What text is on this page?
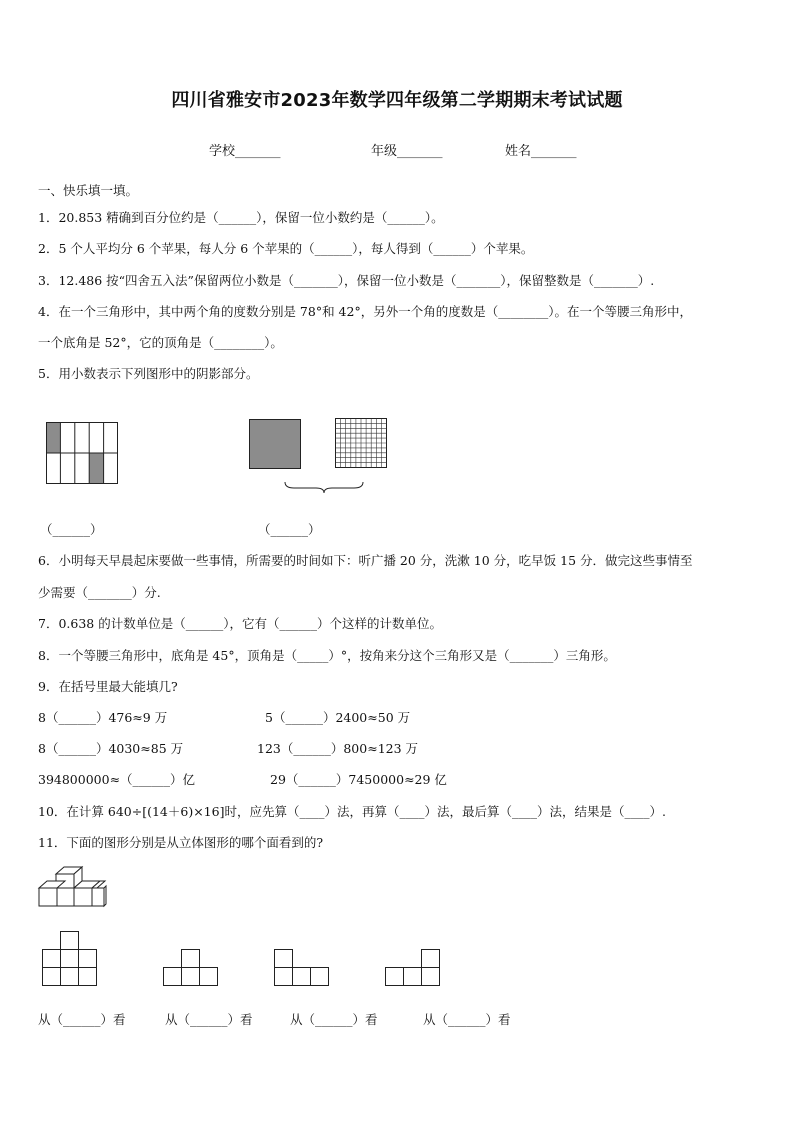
四川省雅安市2023年数学四年级第二学期期末考试试题
学校_______	年级_______	姓名_______
一、快乐填一填。
1．20.853 精确到百分位约是（______），保留一位小数约是（______）。
2．5 个人平均分 6 个苹果，每人分 6 个苹果的（______），每人得到（______）个苹果。
3．12.486 按“四舍五入法”保留两位小数是（_______），保留一位小数是（_______），保留整数是（_______）.
4．在一个三角形中，其中两个角的度数分别是 78°和 42°，另外一个角的度数是（________）。在一个等腰三角形中，
一个底角是 52°，它的顶角是（________）。
5．用小数表示下列图形中的阴影部分。
（______）	（______）
6．小明每天早晨起床要做一些事情，所需要的时间如下：听广播 20 分，洗漱 10 分，吃早饭 15 分．做完这些事情至
少需要（_______）分.
7．0.638 的计数单位是（______），它有（______）个这样的计数单位。
8．一个等腰三角形中，底角是 45°，顶角是（_____）°，按角来分这个三角形又是（_______）三角形。
9．在括号里最大能填几?
8（______）476≈9 万	5（______）2400≈50 万
8（______）4030≈85 万	123（______）800≈123 万
394800000≈（______）亿	29（______）7450000≈29 亿
10．在计算 640÷[(14＋6)×16]时，应先算（____）法，再算（____）法，最后算（____）法，结果是（____）.
11．下面的图形分别是从立体图形的哪个面看到的?
从（______）看	从（______）看	从（______）看	从（______）看
